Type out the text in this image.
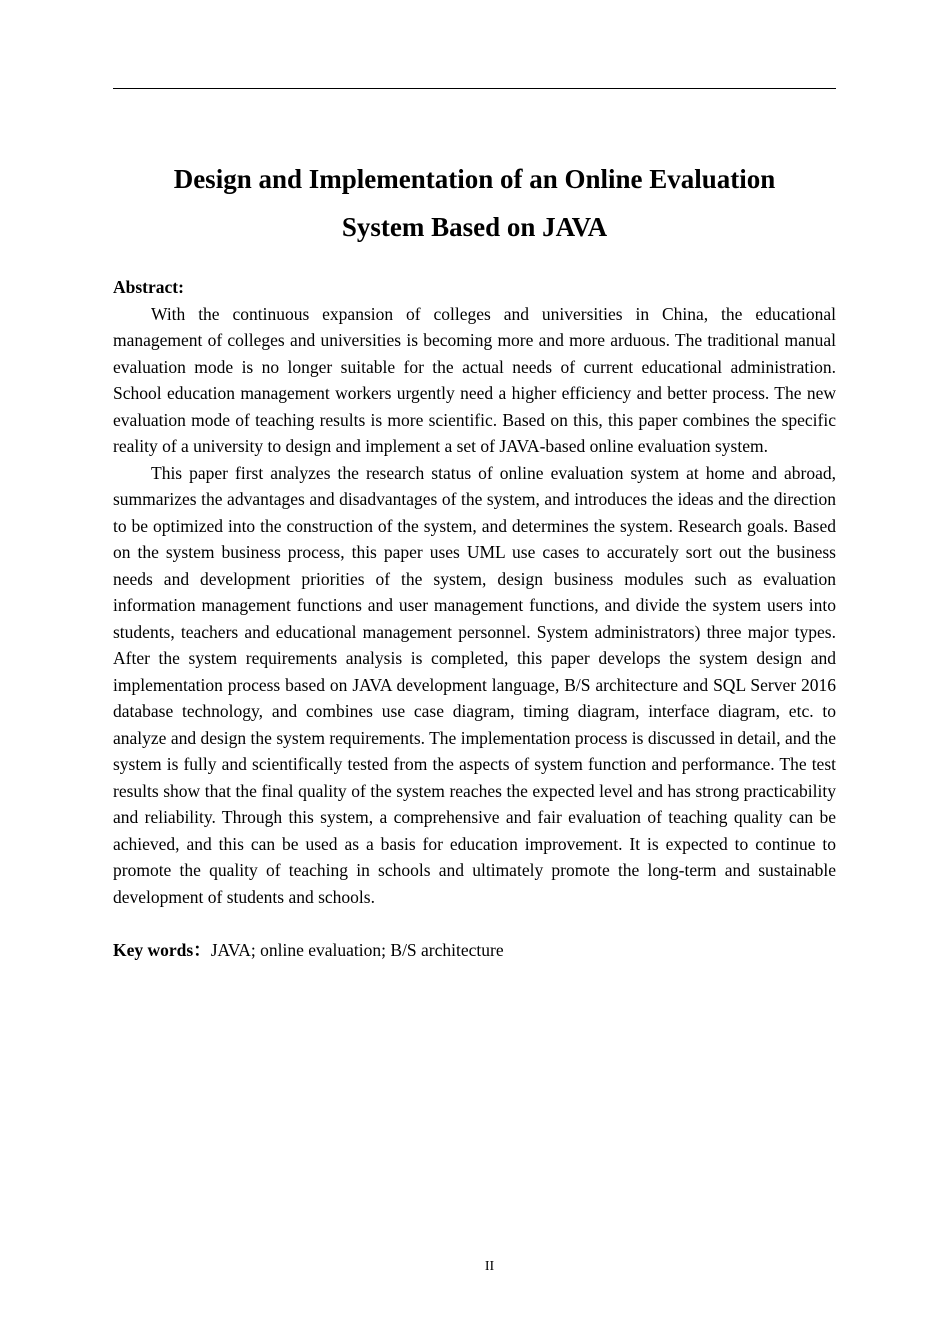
Design and Implementation of an Online Evaluation
System Based on JAVA

Abstract:

With the continuous expansion of colleges and universities in China, the educational management of colleges and universities is becoming more and more arduous. The traditional manual evaluation mode is no longer suitable for the actual needs of current educational administration. School education management workers urgently need a higher efficiency and better process. The new evaluation mode of teaching results is more scientific. Based on this, this paper combines the specific reality of a university to design and implement a set of JAVA-based online evaluation system.

This paper first analyzes the research status of online evaluation system at home and abroad, summarizes the advantages and disadvantages of the system, and introduces the ideas and the direction to be optimized into the construction of the system, and determines the system. Research goals. Based on the system business process, this paper uses UML use cases to accurately sort out the business needs and development priorities of the system, design business modules such as evaluation information management functions and user management functions, and divide the system users into students, teachers and educational management personnel. System administrators) three major types. After the system requirements analysis is completed, this paper develops the system design and implementation process based on JAVA development language, B/S architecture and SQL Server 2016 database technology, and combines use case diagram, timing diagram, interface diagram, etc. to analyze and design the system requirements. The implementation process is discussed in detail, and the system is fully and scientifically tested from the aspects of system function and performance. The test results show that the final quality of the system reaches the expected level and has strong practicability and reliability. Through this system, a comprehensive and fair evaluation of teaching quality can be achieved, and this can be used as a basis for education improvement. It is expected to continue to promote the quality of teaching in schools and ultimately promote the long-term and sustainable development of students and schools.

Key words：JAVA; online evaluation; B/S architecture

II
